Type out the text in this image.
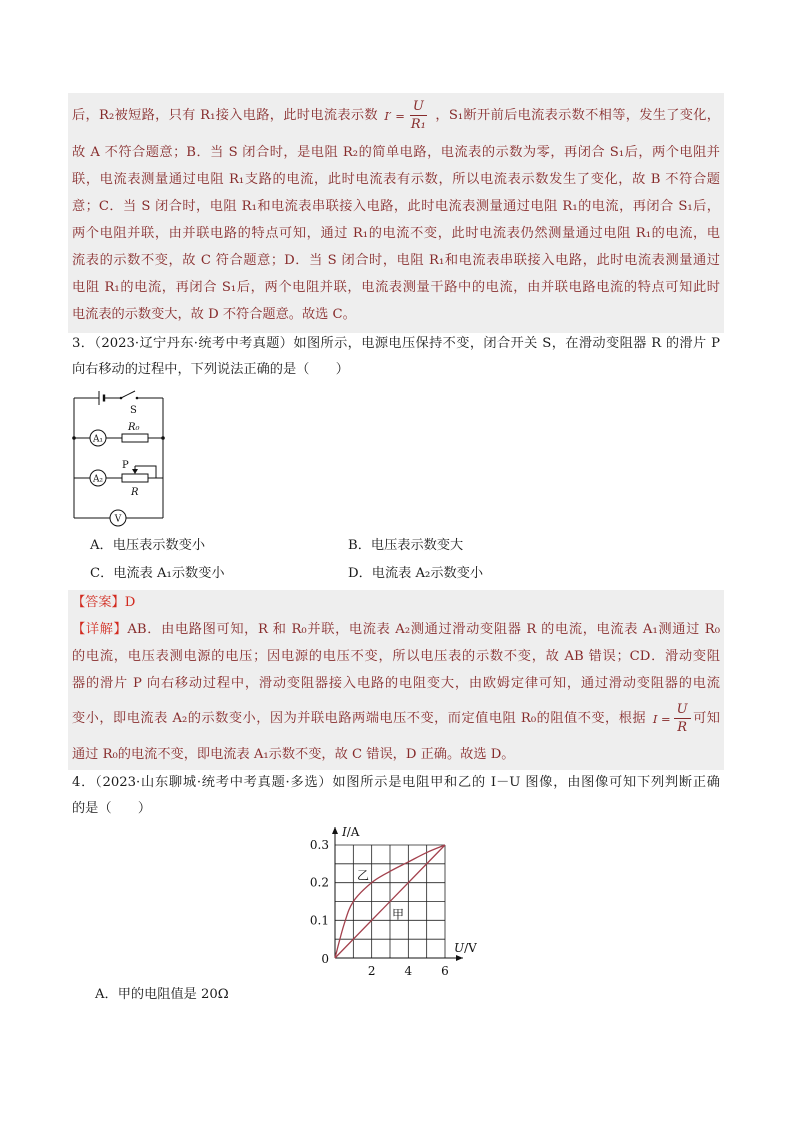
后，R₂被短路，只有 R₁接入电路，此时电流表示数 $I' = \frac{U}{\text{R₁}}$ ，S₁断开前后电流表示数不相等，发生了变化，
故 A 不符合题意；B．当 S 闭合时，是电阻 R₂的简单电路，电流表的示数为零，再闭合 S₁后，两个电阻并
联，电流表测量通过电阻 R₁支路的电流，此时电流表有示数，所以电流表示数发生了变化，故 B 不符合题
意；C．当 S 闭合时，电阻 R₁和电流表串联接入电路，此时电流表测量通过电阻 R₁的电流，再闭合 S₁后，
两个电阻并联，由并联电路的特点可知，通过 R₁的电流不变，此时电流表仍然测量通过电阻 R₁的电流，电
流表的示数不变，故 C 符合题意；D．当 S 闭合时，电阻 R₁和电流表串联接入电路，此时电流表测量通过
电阻 R₁的电流，再闭合 S₁后，两个电阻并联，电流表测量干路中的电流，由并联电路电流的特点可知此时
电流表的示数变大，故 D 不符合题意。故选 C。
3．（2023·辽宁丹东·统考中考真题）如图所示，电源电压保持不变，闭合开关 S，在滑动变阻器 R 的滑片 P
向右移动的过程中，下列说法正确的是（　　）
S
R₀
P
R
A₁
A₂
V
A．电压表示数变小	B．电压表示数变大
C．电流表 A₁示数变小	D．电流表 A₂示数变小
【答案】D
【详解】AB．由电路图可知，R 和 R₀并联，电流表 A₂测通过滑动变阻器 R 的电流，电流表 A₁测通过 R₀
的电流，电压表测电源的电压；因电源的电压不变，所以电压表的示数不变，故 AB 错误；CD．滑动变阻
器的滑片 P 向右移动过程中，滑动变阻器接入电路的电阻变大，由欧姆定律可知，通过滑动变阻器的电流
变小，即电流表 A₂的示数变小，因为并联电路两端电压不变，而定值电阻 R₀的阻值不变，根据 $I = \frac{U}{R}$ 可知
通过 R₀的电流不变，即电流表 A₁示数不变，故 C 错误，D 正确。故选 D。
4．（2023·山东聊城·统考中考真题·多选）如图所示是电阻甲和乙的 I－U 图像，由图像可知下列判断正确
的是（　　）
I/A
U/V
0.1
0.2
0.3
2 4 6
0
甲
乙
A．甲的电阻值是 20Ω
